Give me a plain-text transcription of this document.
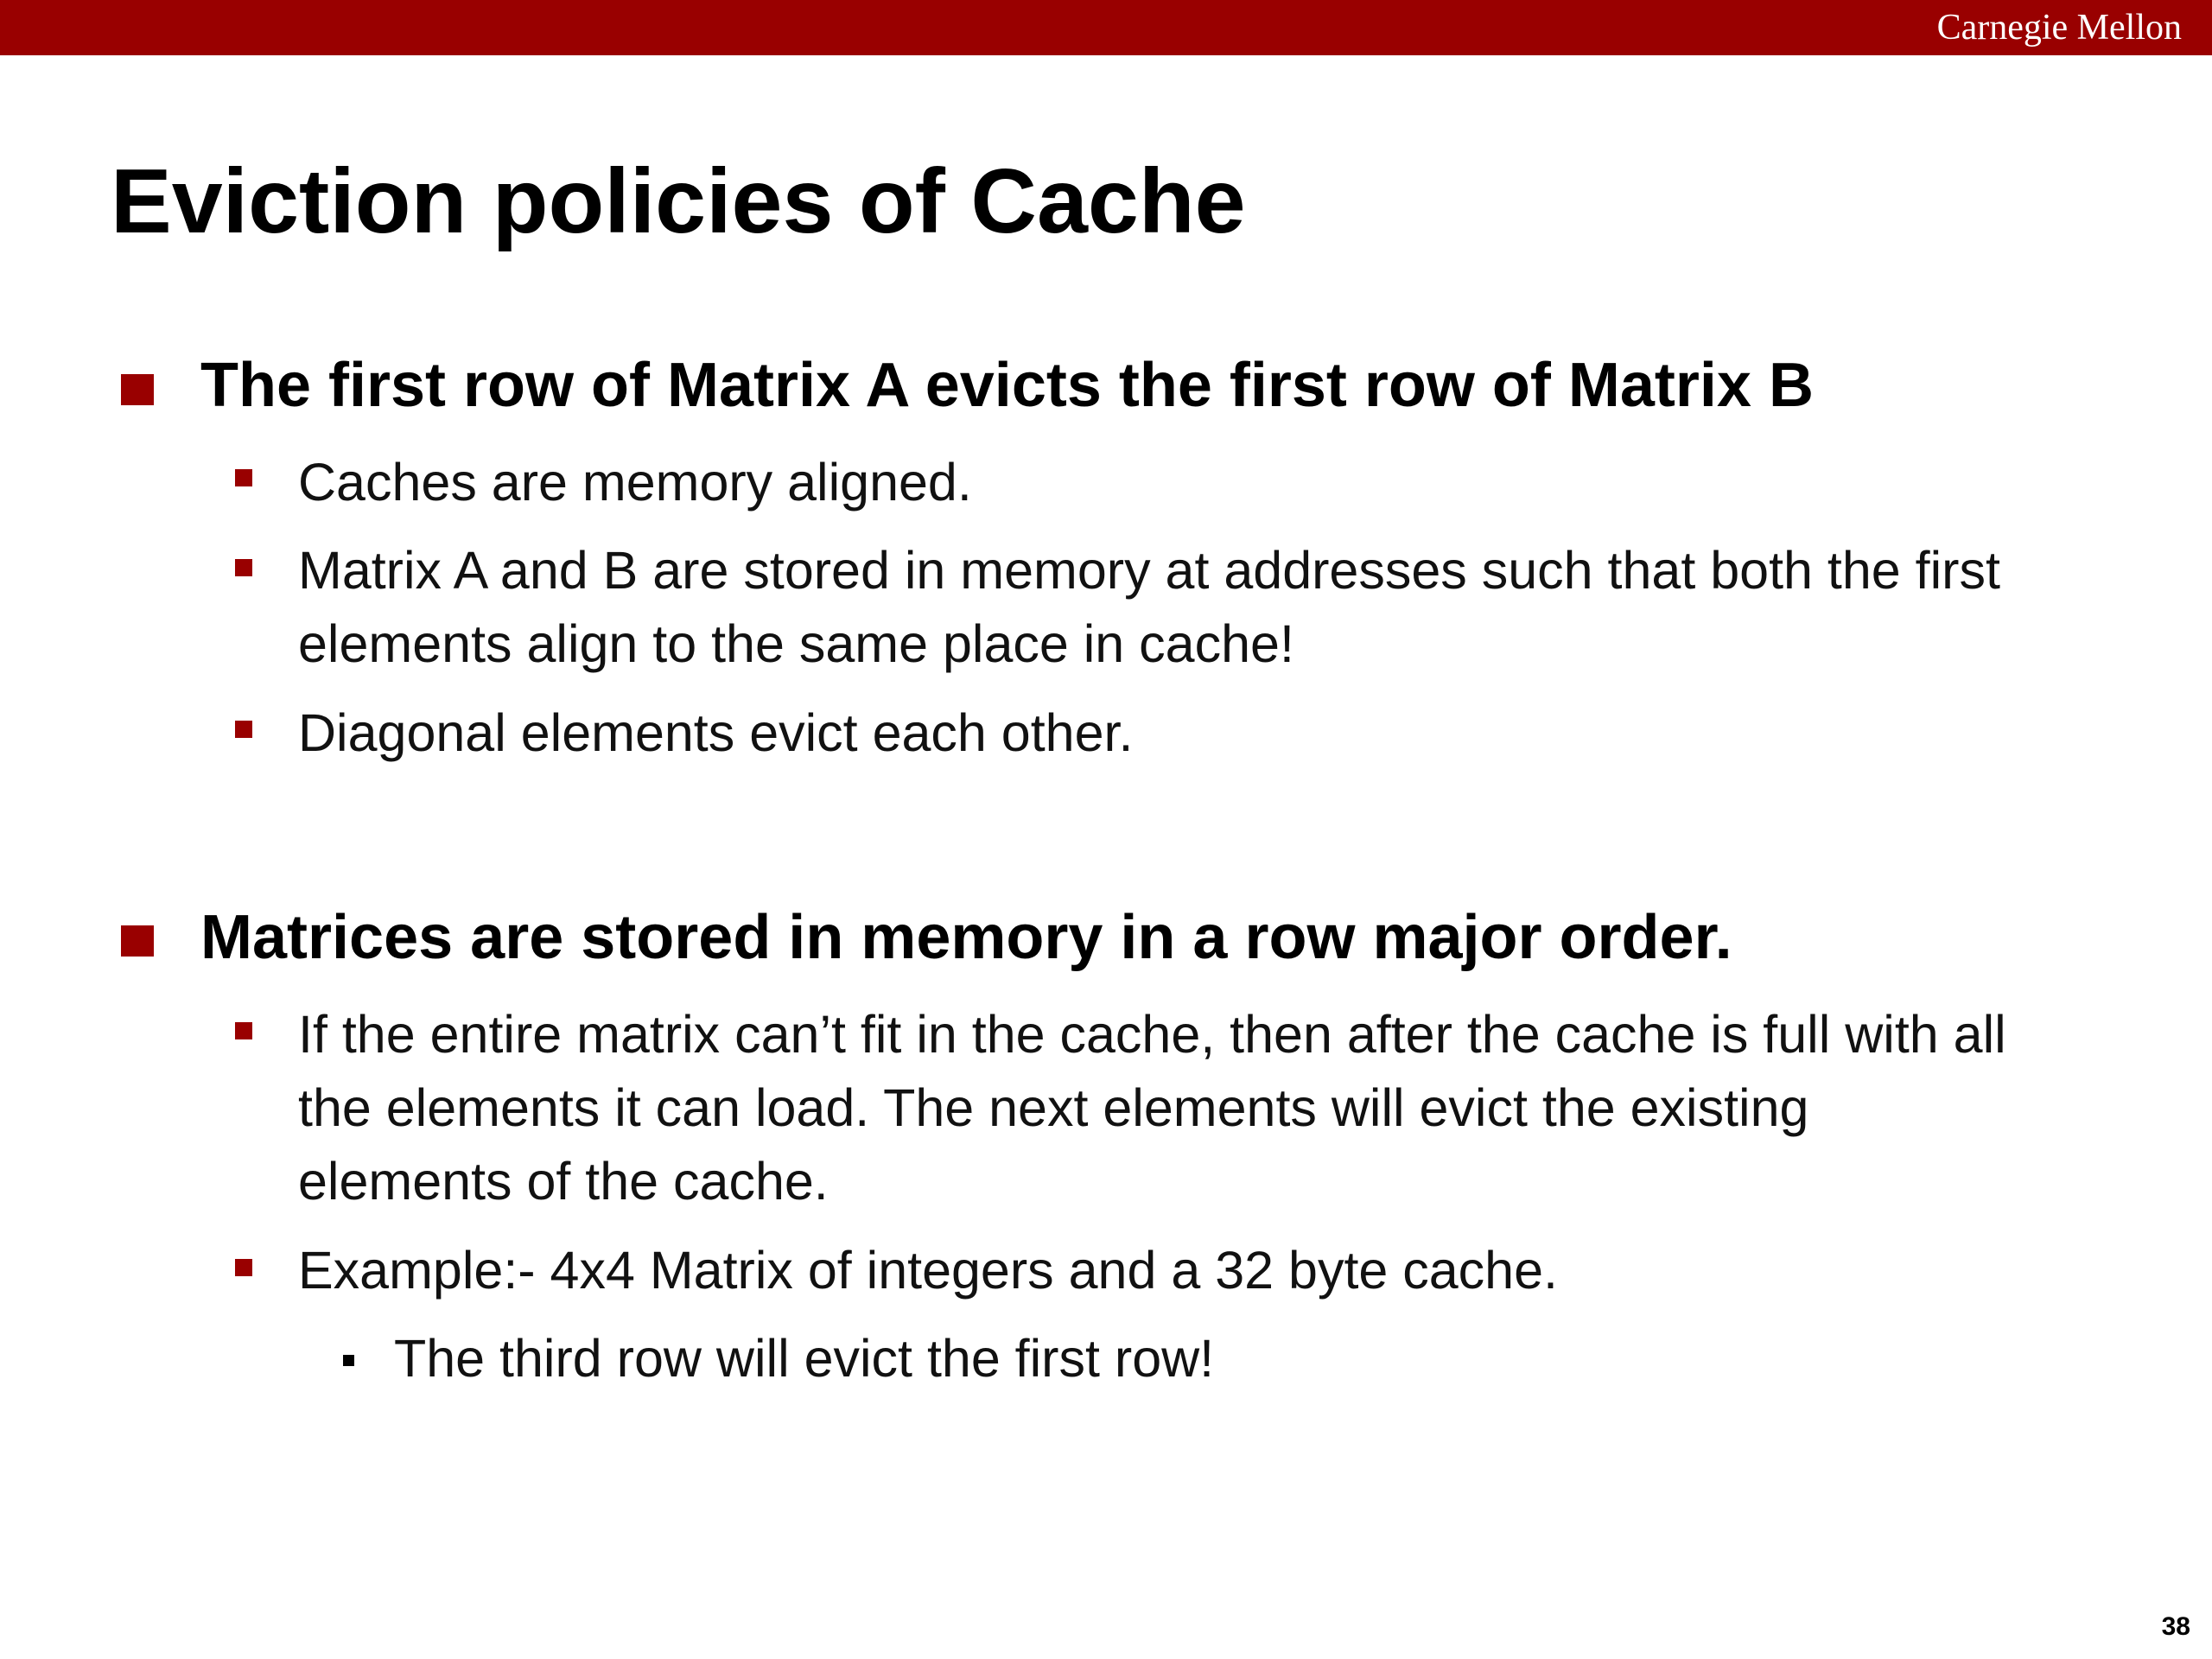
Carnegie Mellon
Eviction policies of Cache
The first row of Matrix A evicts the first row of Matrix B
Caches are memory aligned.
Matrix A and B are stored in memory at addresses such that both the first elements align to the same place in cache!
Diagonal elements evict each other.
Matrices are stored in memory in a row major order.
If the entire matrix can’t fit in the cache, then after the cache is full with all the elements it can load. The next elements will evict the existing elements of the cache.
Example:- 4x4 Matrix of integers and a 32 byte cache.
The third row will evict the first row!
38
